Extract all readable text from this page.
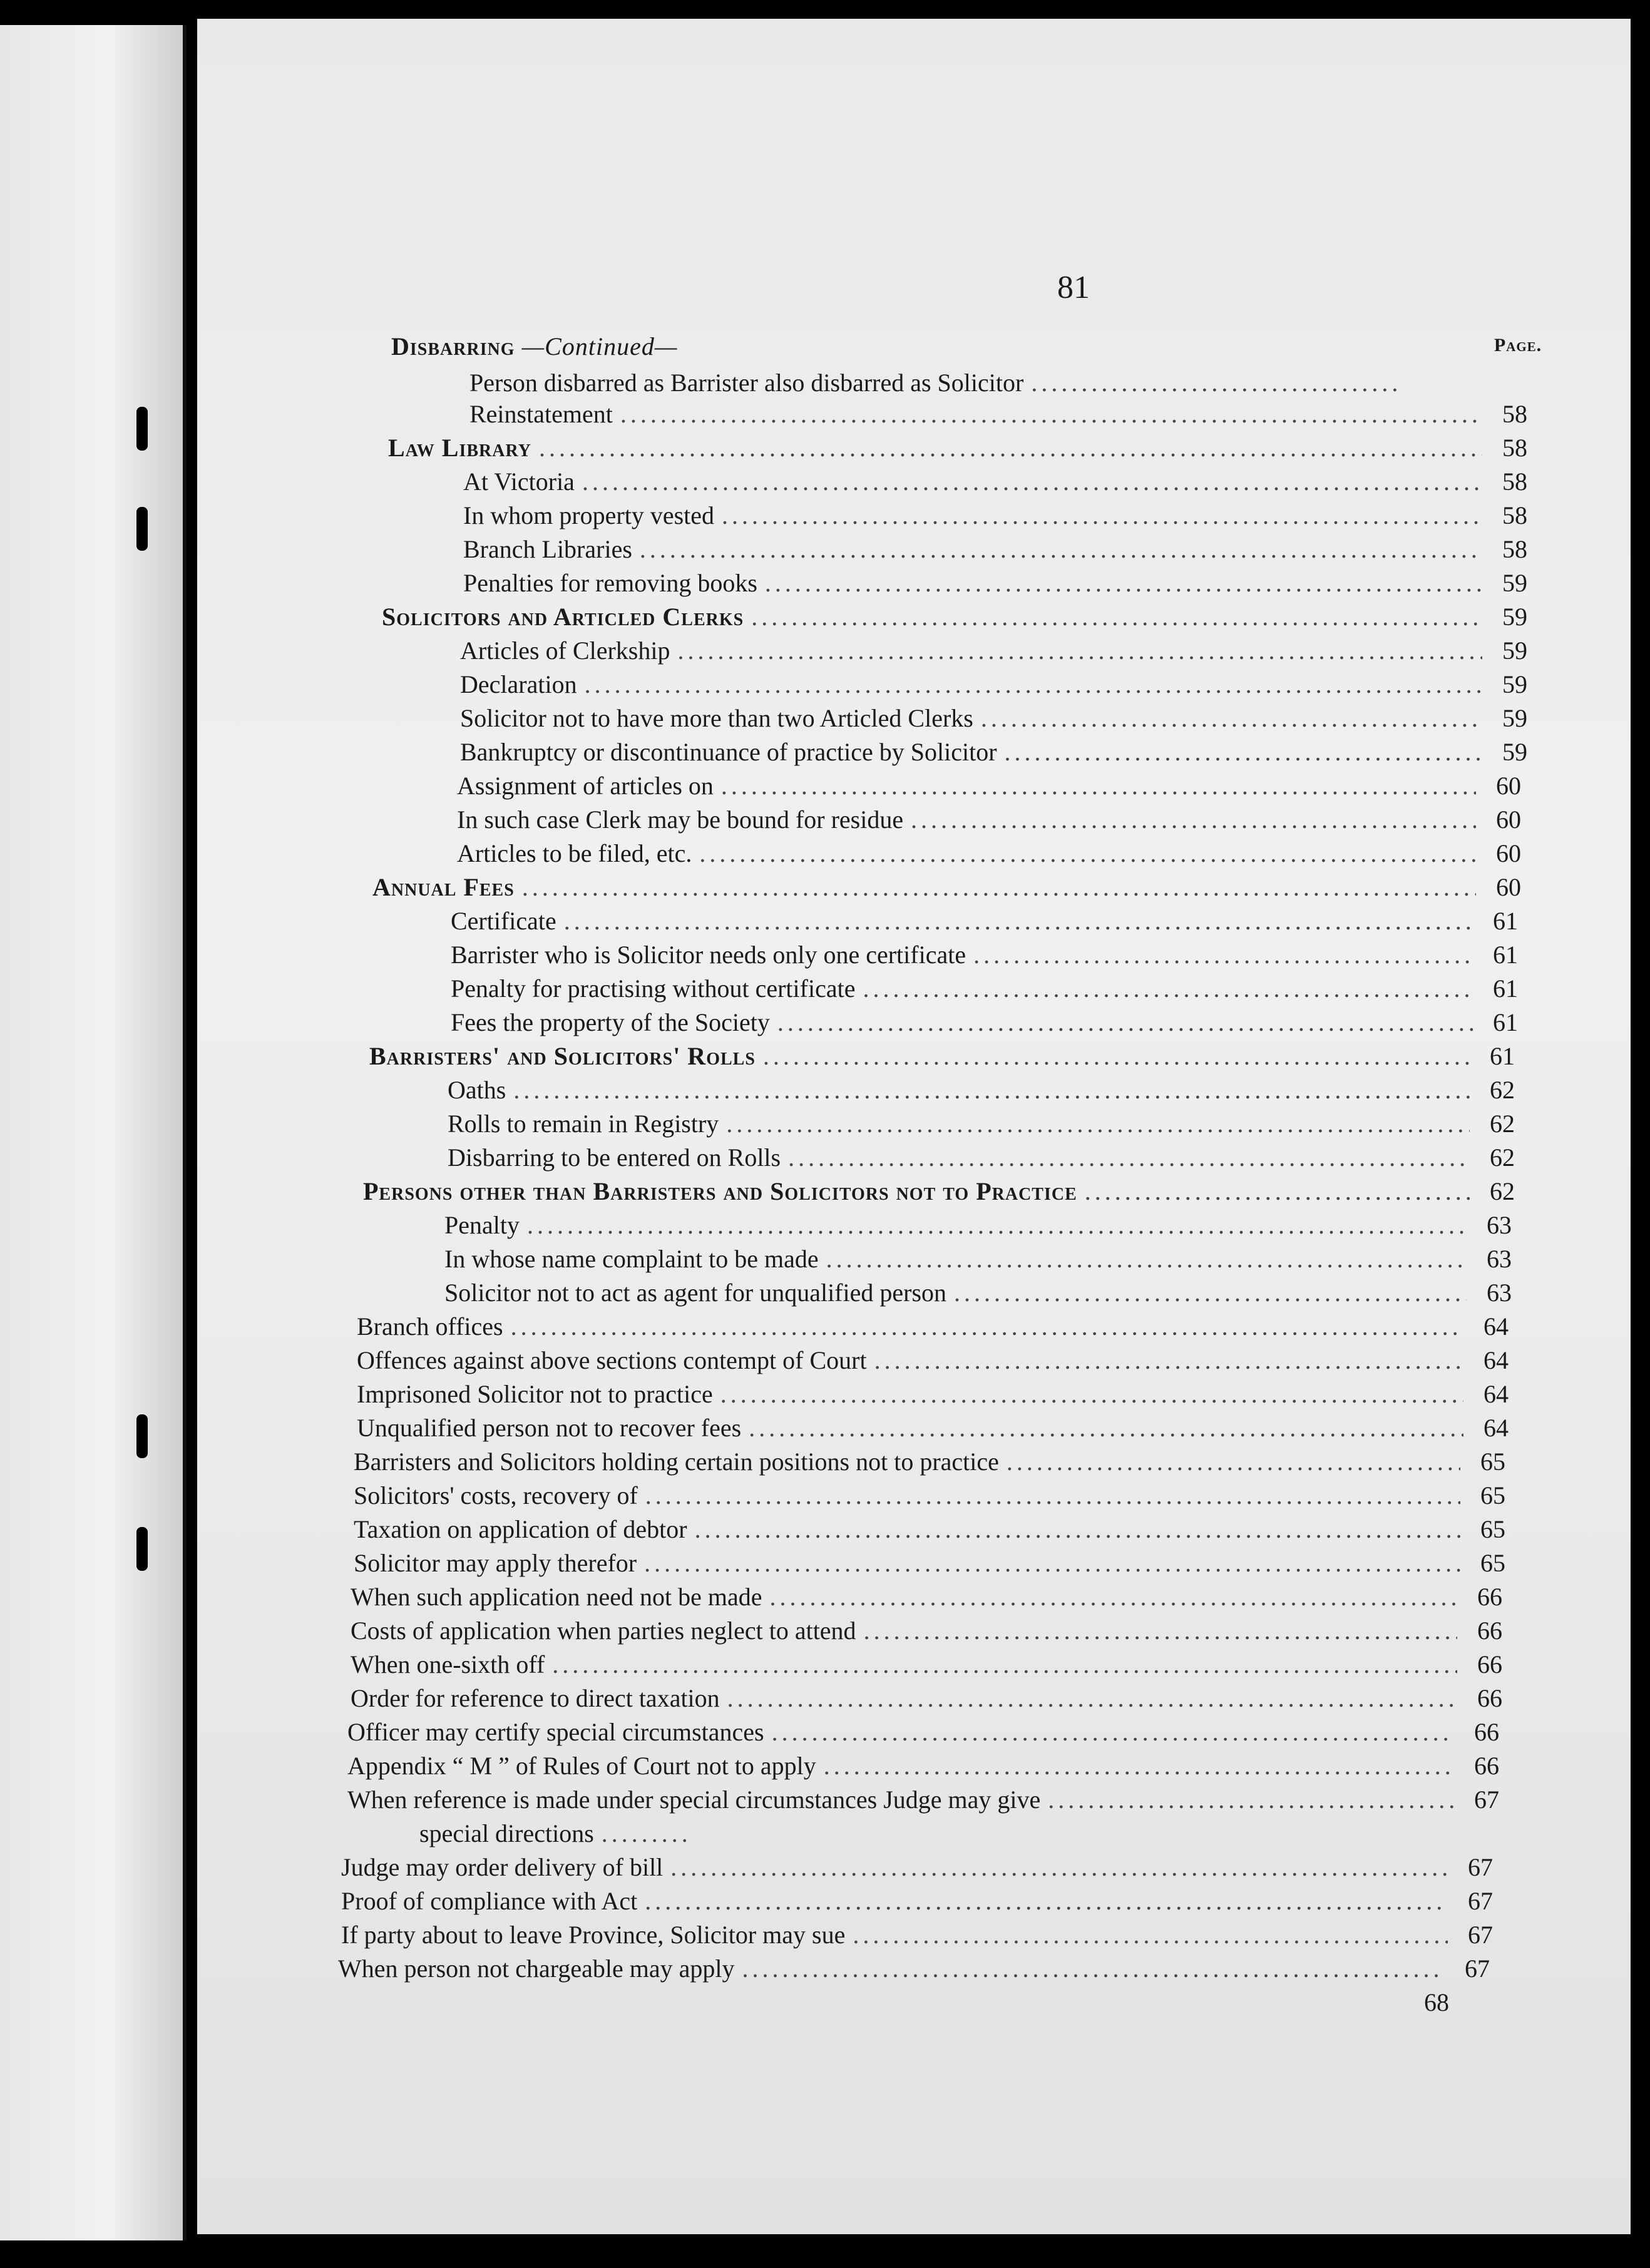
81
Page.
Disbarring —Continued—
Person disbarred as Barrister also disbarred as Solicitor
.....
Reinstatement .....	58
Law Library .....	58
At Victoria .....	58
In whom property vested .....	58
Branch Libraries .....	58
Penalties for removing books .....	59
Solicitors and Articled Clerks .....	59
Articles of Clerkship .....	59
Declaration .....	59
Solicitor not to have more than two Articled Clerks .....	59
Bankruptcy or discontinuance of practice by Solicitor .....	59
Assignment of articles on .....	60
In such case Clerk may be bound for residue .....	60
Articles to be filed, etc. .....	60
Annual Fees .....	60
Certificate .....	61
Barrister who is Solicitor needs only one certificate .....	61
Penalty for practising without certificate .....	61
Fees the property of the Society .....	61
Barristers' and Solicitors' Rolls .....	61
Oaths .....	62
Rolls to remain in Registry .....	62
Disbarring to be entered on Rolls .....	62
Persons other than Barristers and Solicitors not to Practice .....	62
Penalty .....	63
In whose name complaint to be made .....	63
Solicitor not to act as agent for unqualified person .....	63
Branch offices .....	64
Offences against above sections contempt of Court .....	64
Imprisoned Solicitor not to practice .....	64
Unqualified person not to recover fees .....	64
Barristers and Solicitors holding certain positions not to practice .....	65
Solicitors' costs, recovery of .....	65
Taxation on application of debtor .....	65
Solicitor may apply therefor .....	65
When such application need not be made .....	66
Costs of application when parties neglect to attend .....	66
When one-sixth off .....	66
Order for reference to direct taxation .....	66
Officer may certify special circumstances .....	66
Appendix “ M ” of Rules of Court not to apply .....	66
When reference is made under special circumstances Judge may give .....	67
special directions
.....
Judge may order delivery of bill .....	67
Proof of compliance with Act .....	67
If party about to leave Province, Solicitor may sue .....	67
When person not chargeable may apply .....	67
68
